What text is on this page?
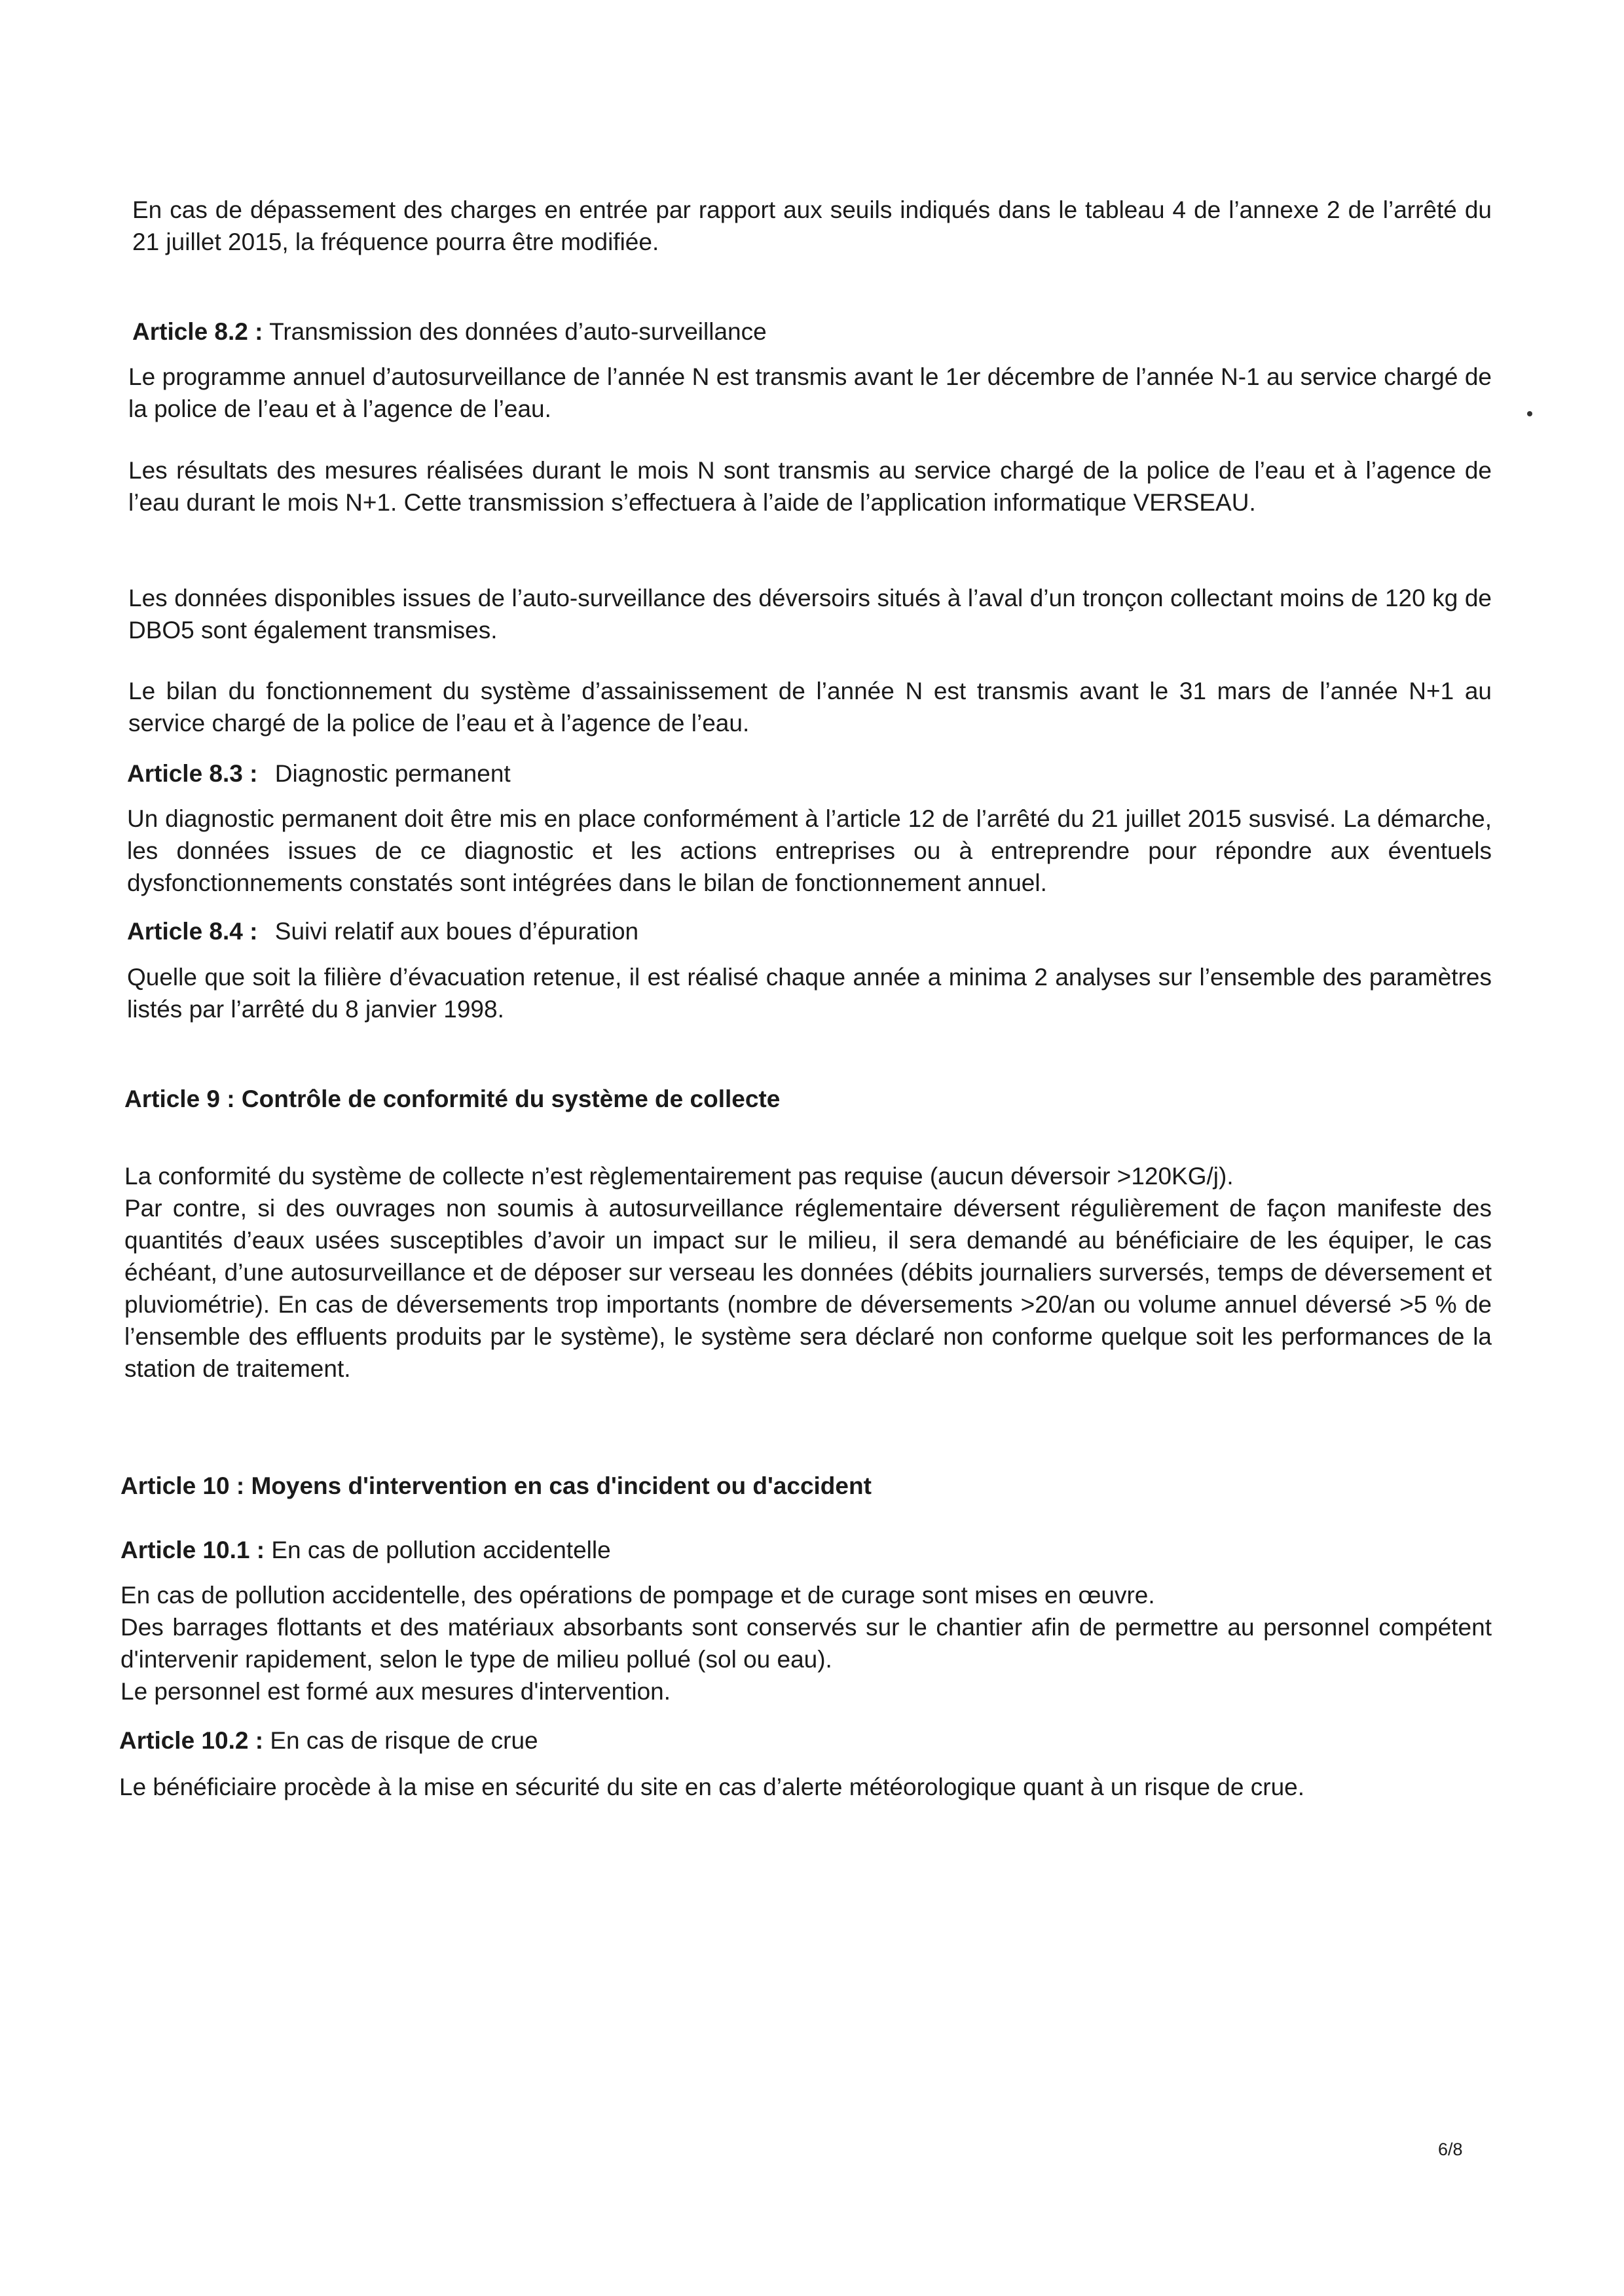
En cas de dépassement des charges en entrée par rapport aux seuils indiqués dans le tableau 4 de l’annexe 2 de l’arrêté du 21 juillet 2015, la fréquence pourra être modifiée.

Article 8.2 : Transmission des données d’auto-surveillance

Le programme annuel d’autosurveillance de l’année N est transmis avant le 1er décembre de l’année N-1 au service chargé de la police de l’eau et à l’agence de l’eau.

Les résultats des mesures réalisées durant le mois N sont transmis au service chargé de la police de l’eau et à l’agence de l’eau durant le mois N+1. Cette transmission s’effectuera à l’aide de l’application informatique VERSEAU.

Les données disponibles issues de l’auto-surveillance des déversoirs situés à l’aval d’un tronçon collectant moins de 120 kg de DBO5 sont également transmises.

Le bilan du fonctionnement du système d’assainissement de l’année N est transmis avant le 31 mars de l’année N+1 au service chargé de la police de l’eau et à l’agence de l’eau.

Article 8.3 : Diagnostic permanent

Un diagnostic permanent doit être mis en place conformément à l’article 12 de l’arrêté du 21 juillet 2015 susvisé. La démarche, les données issues de ce diagnostic et les actions entreprises ou à entreprendre pour répondre aux éventuels dysfonctionnements constatés sont intégrées dans le bilan de fonctionnement annuel.

Article 8.4 : Suivi relatif aux boues d’épuration

Quelle que soit la filière d’évacuation retenue, il est réalisé chaque année a minima 2 analyses sur l’ensemble des paramètres listés par l’arrêté du 8 janvier 1998.

Article 9 : Contrôle de conformité du système de collecte

La conformité du système de collecte n’est règlementairement pas requise (aucun déversoir >120KG/j).

Par contre, si des ouvrages non soumis à autosurveillance réglementaire déversent régulièrement de façon manifeste des quantités d’eaux usées susceptibles d’avoir un impact sur le milieu, il sera demandé au bénéficiaire de les équiper, le cas échéant, d’une autosurveillance et de déposer sur verseau les données (débits journaliers surversés, temps de déversement et pluviométrie). En cas de déversements trop importants (nombre de déversements >20/an ou volume annuel déversé >5 % de l’ensemble des effluents produits par le système), le système sera déclaré non conforme quelque soit les performances de la station de traitement.

Article 10 : Moyens d'intervention en cas d'incident ou d'accident
Article 10.1 : En cas de pollution accidentelle

En cas de pollution accidentelle, des opérations de pompage et de curage sont mises en œuvre.

Des barrages flottants et des matériaux absorbants sont conservés sur le chantier afin de permettre au personnel compétent d'intervenir rapidement, selon le type de milieu pollué (sol ou eau).

Le personnel est formé aux mesures d'intervention.

Article 10.2 : En cas de risque de crue

Le bénéficiaire procède à la mise en sécurité du site en cas d’alerte météorologique quant à un risque de crue.

6/8
